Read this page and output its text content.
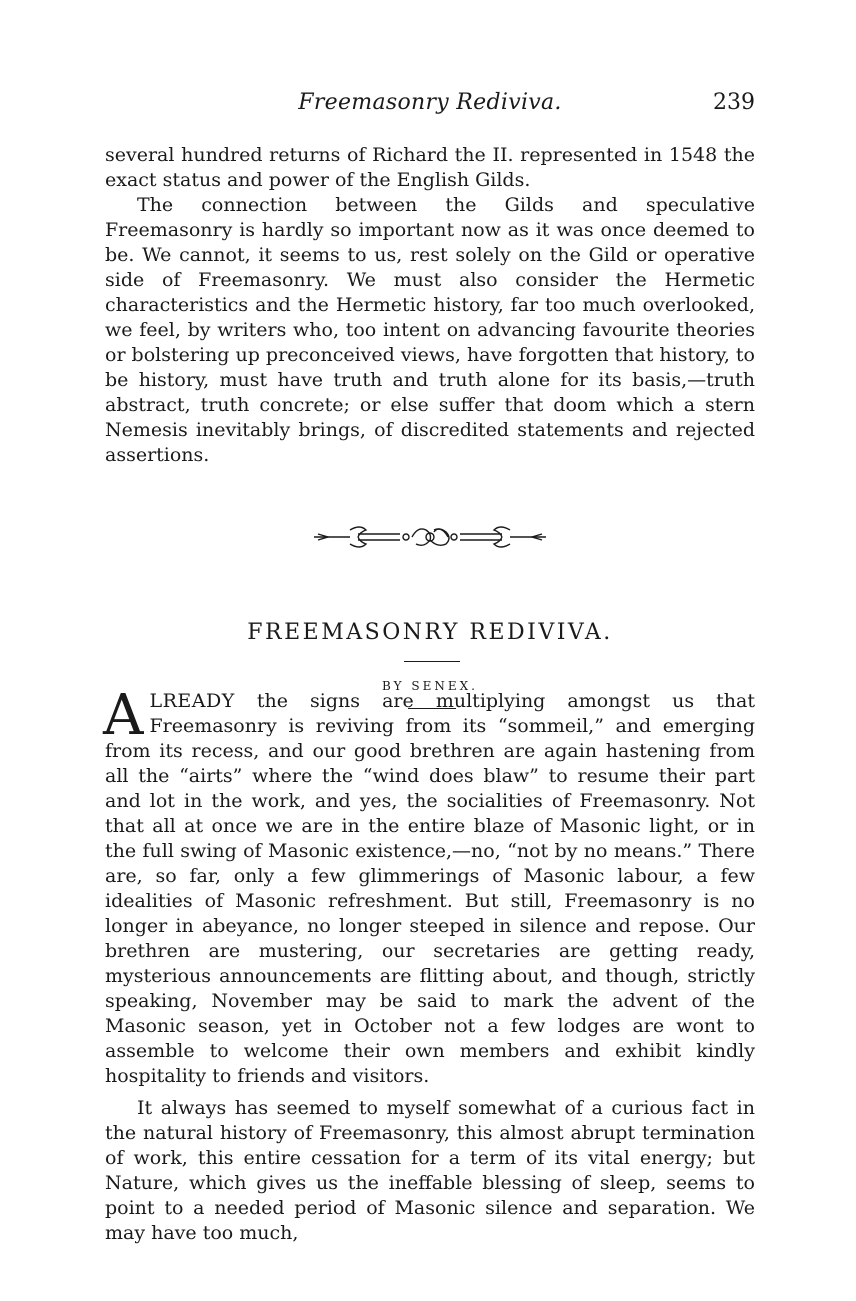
Freemasonry Rediviva.	239

several hundred returns of Richard the II. represented in 1548 the exact status and power of the English Gilds.

The connection between the Gilds and speculative Freemasonry is hardly so important now as it was once deemed to be. We cannot, it seems to us, rest solely on the Gild or operative side of Freemasonry. We must also consider the Hermetic characteristics and the Hermetic history, far too much overlooked, we feel, by writers who, too intent on advancing favourite theories or bolstering up preconceived views, have forgotten that history, to be history, must have truth and truth alone for its basis,—truth abstract, truth concrete; or else suffer that doom which a stern Nemesis inevitably brings, of discredited statements and rejected assertions.

FREEMASONRY REDIVIVA.
BY SENEX.

ALREADY the signs are multiplying amongst us that Freemasonry is reviving from its “sommeil,” and emerging from its recess, and our good brethren are again hastening from all the “airts” where the “wind does blaw” to resume their part and lot in the work, and yes, the socialities of Freemasonry. Not that all at once we are in the entire blaze of Masonic light, or in the full swing of Masonic existence,—no, “not by no means.” There are, so far, only a few glimmerings of Masonic labour, a few idealities of Masonic refreshment. But still, Freemasonry is no longer in abeyance, no longer steeped in silence and repose. Our brethren are mustering, our secretaries are getting ready, mysterious announcements are flitting about, and though, strictly speaking, November may be said to mark the advent of the Masonic season, yet in October not a few lodges are wont to assemble to welcome their own members and exhibit kindly hospitality to friends and visitors.

It always has seemed to myself somewhat of a curious fact in the natural history of Freemasonry, this almost abrupt termination of work, this entire cessation for a term of its vital energy; but Nature, which gives us the ineffable blessing of sleep, seems to point to a needed period of Masonic silence and separation. We may have too much,
